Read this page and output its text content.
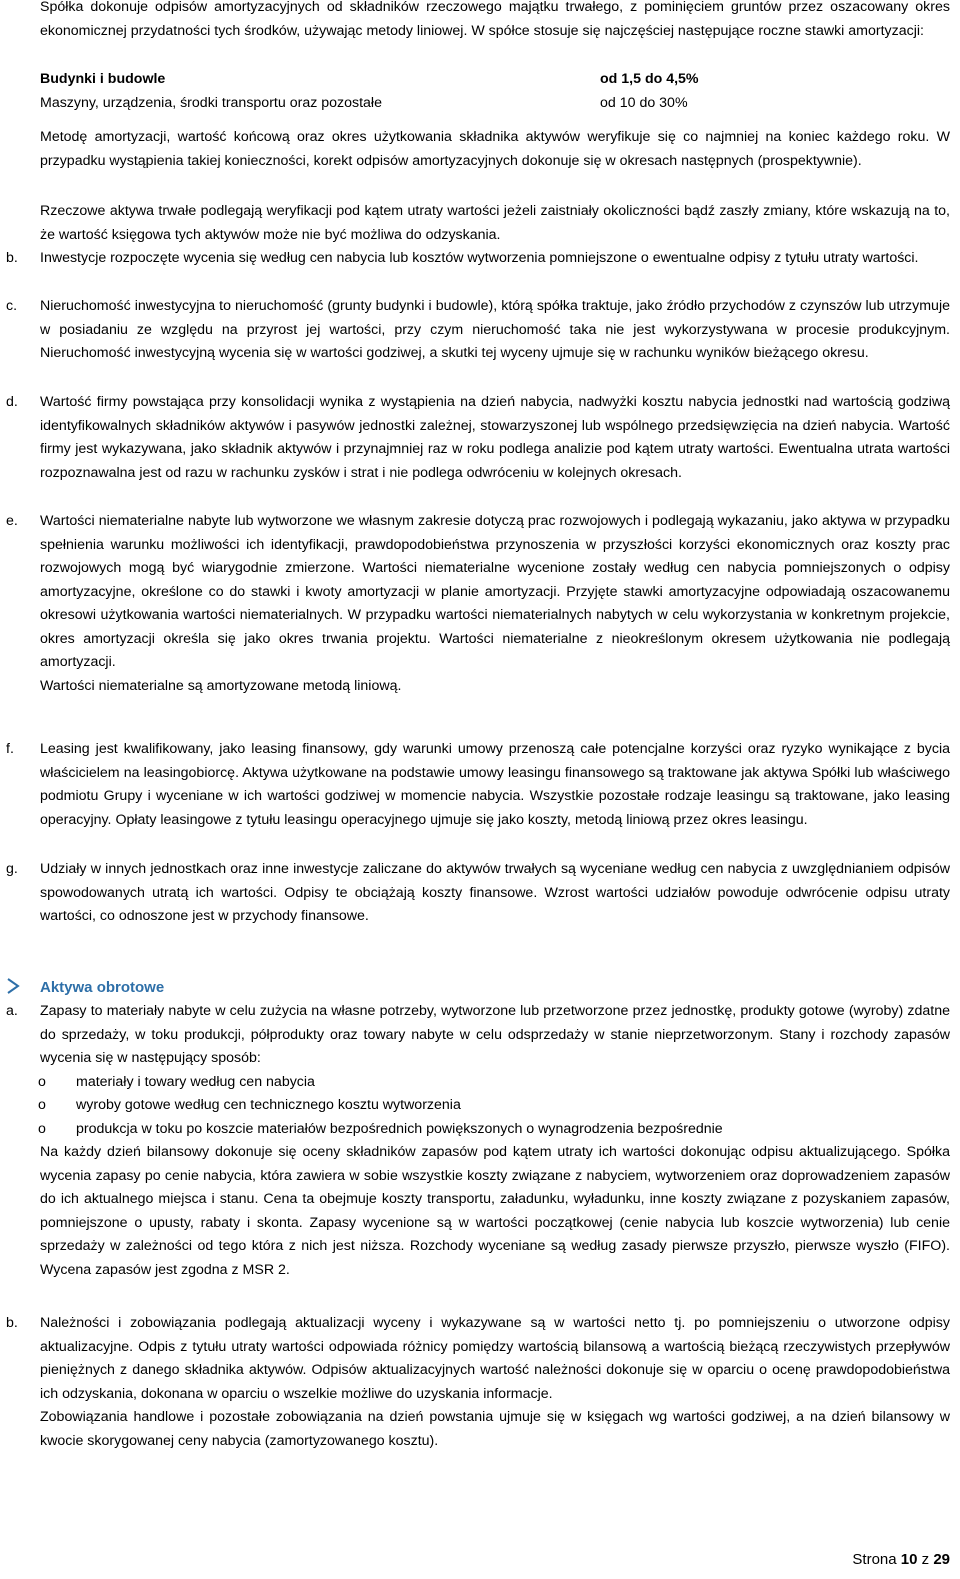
Spółka dokonuje odpisów amortyzacyjnych od składników rzeczowego majątku trwałego, z pominięciem gruntów przez oszacowany okres ekonomicznej przydatności tych środków, używając metody liniowej. W spółce stosuje się najczęściej następujące roczne stawki amortyzacji:

Budynki i budowle	od 1,5 do 4,5%
Maszyny, urządzenia, środki transportu oraz pozostałe	od 10 do 30%

Metodę amortyzacji, wartość końcową oraz okres użytkowania składnika aktywów weryfikuje się co najmniej na koniec każdego roku. W przypadku wystąpienia takiej konieczności, korekt odpisów amortyzacyjnych dokonuje się w okresach następnych (prospektywnie).

Rzeczowe aktywa trwałe podlegają weryfikacji pod kątem utraty wartości jeżeli zaistniały okoliczności bądź zaszły zmiany, które wskazują na to, że wartość księgowa tych aktywów może nie być możliwa do odzyskania.

b.	Inwestycje rozpoczęte wycenia się według cen nabycia lub kosztów wytworzenia pomniejszone o ewentualne odpisy z tytułu utraty wartości.

c.	Nieruchomość inwestycyjna to nieruchomość (grunty budynki i budowle), którą spółka traktuje, jako źródło przychodów z czynszów lub utrzymuje w posiadaniu ze względu na przyrost jej wartości, przy czym nieruchomość taka nie jest wykorzystywana w procesie produkcyjnym. Nieruchomość inwestycyjną wycenia się w wartości godziwej, a skutki tej wyceny ujmuje się w rachunku wyników bieżącego okresu.

d.	Wartość firmy powstająca przy konsolidacji wynika z wystąpienia na dzień nabycia, nadwyżki kosztu nabycia jednostki nad wartością godziwą identyfikowalnych składników aktywów i pasywów jednostki zależnej, stowarzyszonej lub wspólnego przedsięwzięcia na dzień nabycia. Wartość firmy jest wykazywana, jako składnik aktywów i przynajmniej raz w roku podlega analizie pod kątem utraty wartości. Ewentualna utrata wartości rozpoznawalna jest od razu w rachunku zysków i strat i nie podlega odwróceniu w kolejnych okresach.

e.	Wartości niematerialne nabyte lub wytworzone we własnym zakresie dotyczą prac rozwojowych i podlegają wykazaniu, jako aktywa w przypadku spełnienia warunku możliwości ich identyfikacji, prawdopodobieństwa przynoszenia w przyszłości korzyści ekonomicznych oraz koszty prac rozwojowych mogą być wiarygodnie zmierzone. Wartości niematerialne wycenione zostały według cen nabycia pomniejszonych o odpisy amortyzacyjne, określone co do stawki i kwoty amortyzacji w planie amortyzacji. Przyjęte stawki amortyzacyjne odpowiadają oszacowanemu okresowi użytkowania wartości niematerialnych. W przypadku wartości niematerialnych nabytych w celu wykorzystania w konkretnym projekcie, okres amortyzacji określa się jako okres trwania projektu. Wartości niematerialne z nieokreślonym okresem użytkowania nie podlegają amortyzacji.

Wartości niematerialne są amortyzowane metodą liniową.

f.	Leasing jest kwalifikowany, jako leasing finansowy, gdy warunki umowy przenoszą całe potencjalne korzyści oraz ryzyko wynikające z bycia właścicielem na leasingobiorcę. Aktywa użytkowane na podstawie umowy leasingu finansowego są traktowane jak aktywa Spółki lub właściwego podmiotu Grupy i wyceniane w ich wartości godziwej w momencie nabycia. Wszystkie pozostałe rodzaje leasingu są traktowane, jako leasing operacyjny. Opłaty leasingowe z tytułu leasingu operacyjnego ujmuje się jako koszty, metodą liniową przez okres leasingu.

g.	Udziały w innych jednostkach oraz inne inwestycje zaliczane do aktywów trwałych są wyceniane według cen nabycia z uwzględnianiem odpisów spowodowanych utratą ich wartości. Odpisy te obciążają koszty finansowe. Wzrost wartości udziałów powoduje odwrócenie odpisu utraty wartości, co odnoszone jest w przychody finansowe.

Aktywa obrotowe
a.	Zapasy to materiały nabyte w celu zużycia na własne potrzeby, wytworzone lub przetworzone przez jednostkę, produkty gotowe (wyroby) zdatne do sprzedaży, w toku produkcji, półprodukty oraz towary nabyte w celu odsprzedaży w stanie nieprzetworzonym. Stany i rozchody zapasów wycenia się w następujący sposób:

o materiały i towary według cen nabycia
o wyroby gotowe według cen technicznego kosztu wytworzenia
o produkcja w toku po koszcie materiałów bezpośrednich powiększonych o wynagrodzenia bezpośrednie

Na każdy dzień bilansowy dokonuje się oceny składników zapasów pod kątem utraty ich wartości dokonując odpisu aktualizującego. Spółka wycenia zapasy po cenie nabycia, która zawiera w sobie wszystkie koszty związane z nabyciem, wytworzeniem oraz doprowadzeniem zapasów do ich aktualnego miejsca i stanu. Cena ta obejmuje koszty transportu, załadunku, wyładunku, inne koszty związane z pozyskaniem zapasów, pomniejszone o upusty, rabaty i skonta. Zapasy wycenione są w wartości początkowej (cenie nabycia lub koszcie wytworzenia) lub cenie sprzedaży w zależności od tego która z nich jest niższa. Rozchody wyceniane są według zasady pierwsze przyszło, pierwsze wyszło (FIFO). Wycena zapasów jest zgodna z MSR 2.

b.	Należności i zobowiązania podlegają aktualizacji wyceny i wykazywane są w wartości netto tj. po pomniejszeniu o utworzone odpisy aktualizacyjne. Odpis z tytułu utraty wartości odpowiada różnicy pomiędzy wartością bilansową a wartością bieżącą rzeczywistych przepływów pieniężnych z danego składnika aktywów. Odpisów aktualizacyjnych wartość należności dokonuje się w oparciu o ocenę prawdopodobieństwa ich odzyskania, dokonana w oparciu o wszelkie możliwe do uzyskania informacje.

Zobowiązania handlowe i pozostałe zobowiązania na dzień powstania ujmuje się w księgach wg wartości godziwej, a na dzień bilansowy w kwocie skorygowanej ceny nabycia (zamortyzowanego kosztu).

Strona 10 z 29
